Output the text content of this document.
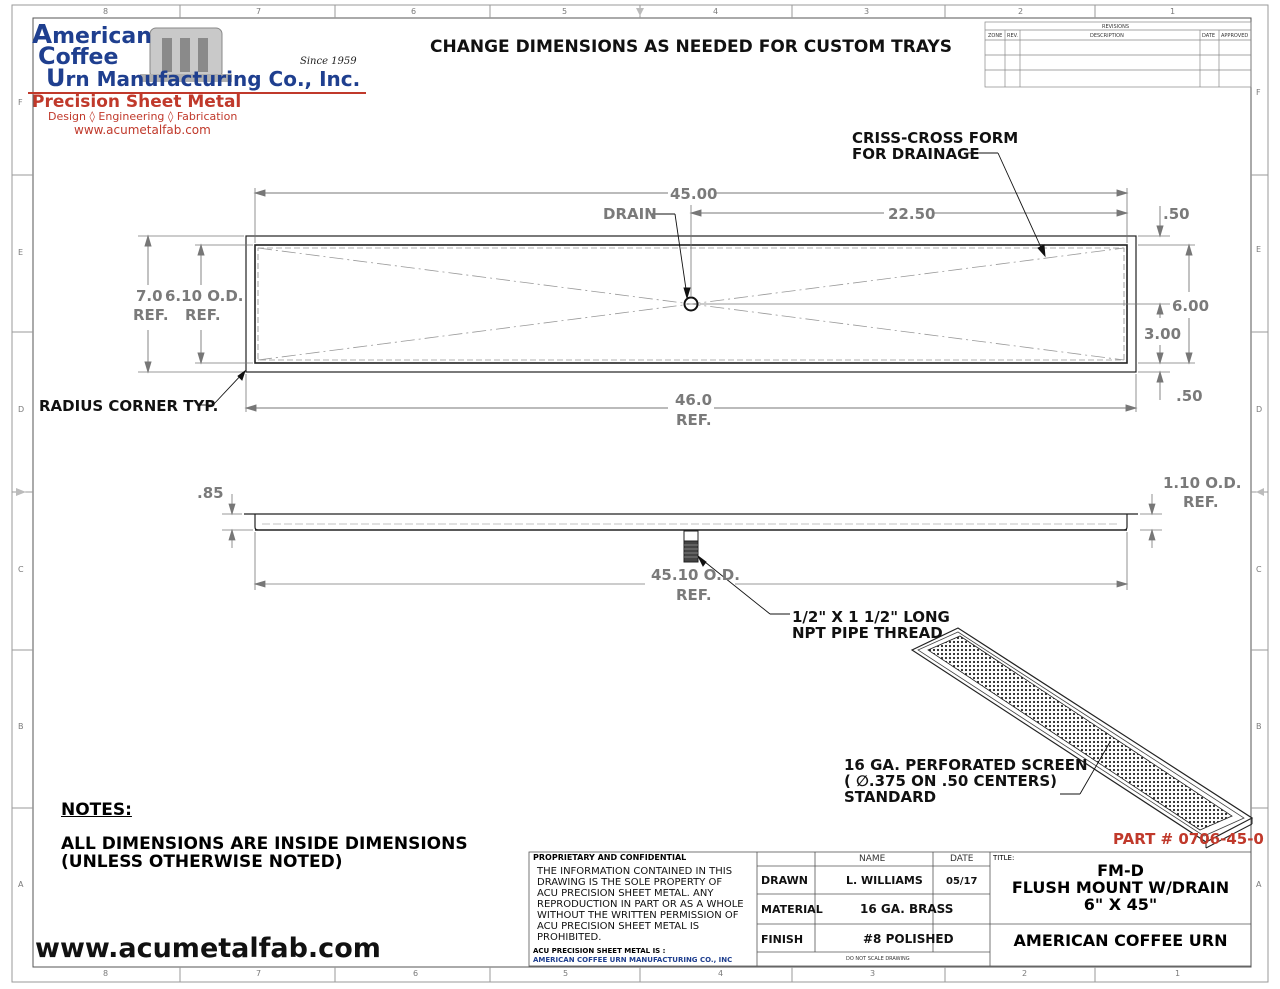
American
Coffee
Urn Manufacturing Co., Inc.
Since 1959
Precision Sheet Metal
Design ◊ Engineering ◊ Fabrication
www.acumetalfab.com
CHANGE DIMENSIONS AS NEEDED FOR CUSTOM TRAYS
8	7	6	5	4	3	2	1
8	7	6	5	4	3	2	1
F
E
D
C
B
A
F
E
D
C
B
A
REVISIONS
ZONE REV.	DESCRIPTION	DATE APPROVED
CRISS-CROSS FORM
FOR DRAINAGE
45.00
DRAIN	22.50	.50
7.0
REF.
6.10 O.D.
REF.	6.00
3.00
.50
RADIUS CORNER TYP.	46.0
REF.
.85
1.10 O.D.
REF.
45.10 O.D.
REF.
1/2" X 1 1/2" LONG
NPT PIPE THREAD
16 GA. PERFORATED SCREEN
( ∅.375 ON .50 CENTERS)
STANDARD
PART # 0706-45-0
NOTES:
ALL DIMENSIONS ARE INSIDE DIMENSIONS
(UNLESS OTHERWISE NOTED)
www.acumetalfab.com
PROPRIETARY AND CONFIDENTIAL
THE INFORMATION CONTAINED IN THIS
DRAWING IS THE SOLE PROPERTY OF
ACU PRECISION SHEET METAL. ANY
REPRODUCTION IN PART OR AS A WHOLE
WITHOUT THE WRITTEN PERMISSION OF
ACU PRECISION SHEET METAL IS
PROHIBITED.
ACU PRECISION SHEET METAL IS :
AMERICAN COFFEE URN MANUFACTURING CO., INC
NAME	DATE	TITLE:
DRAWN	L. WILLIAMS 05/17
MATERIAL	16 GA. BRASS
FINISH	#8 POLISHED
DO NOT SCALE DRAWING
FM-D
FLUSH MOUNT W/DRAIN
6" X 45"
AMERICAN COFFEE URN
